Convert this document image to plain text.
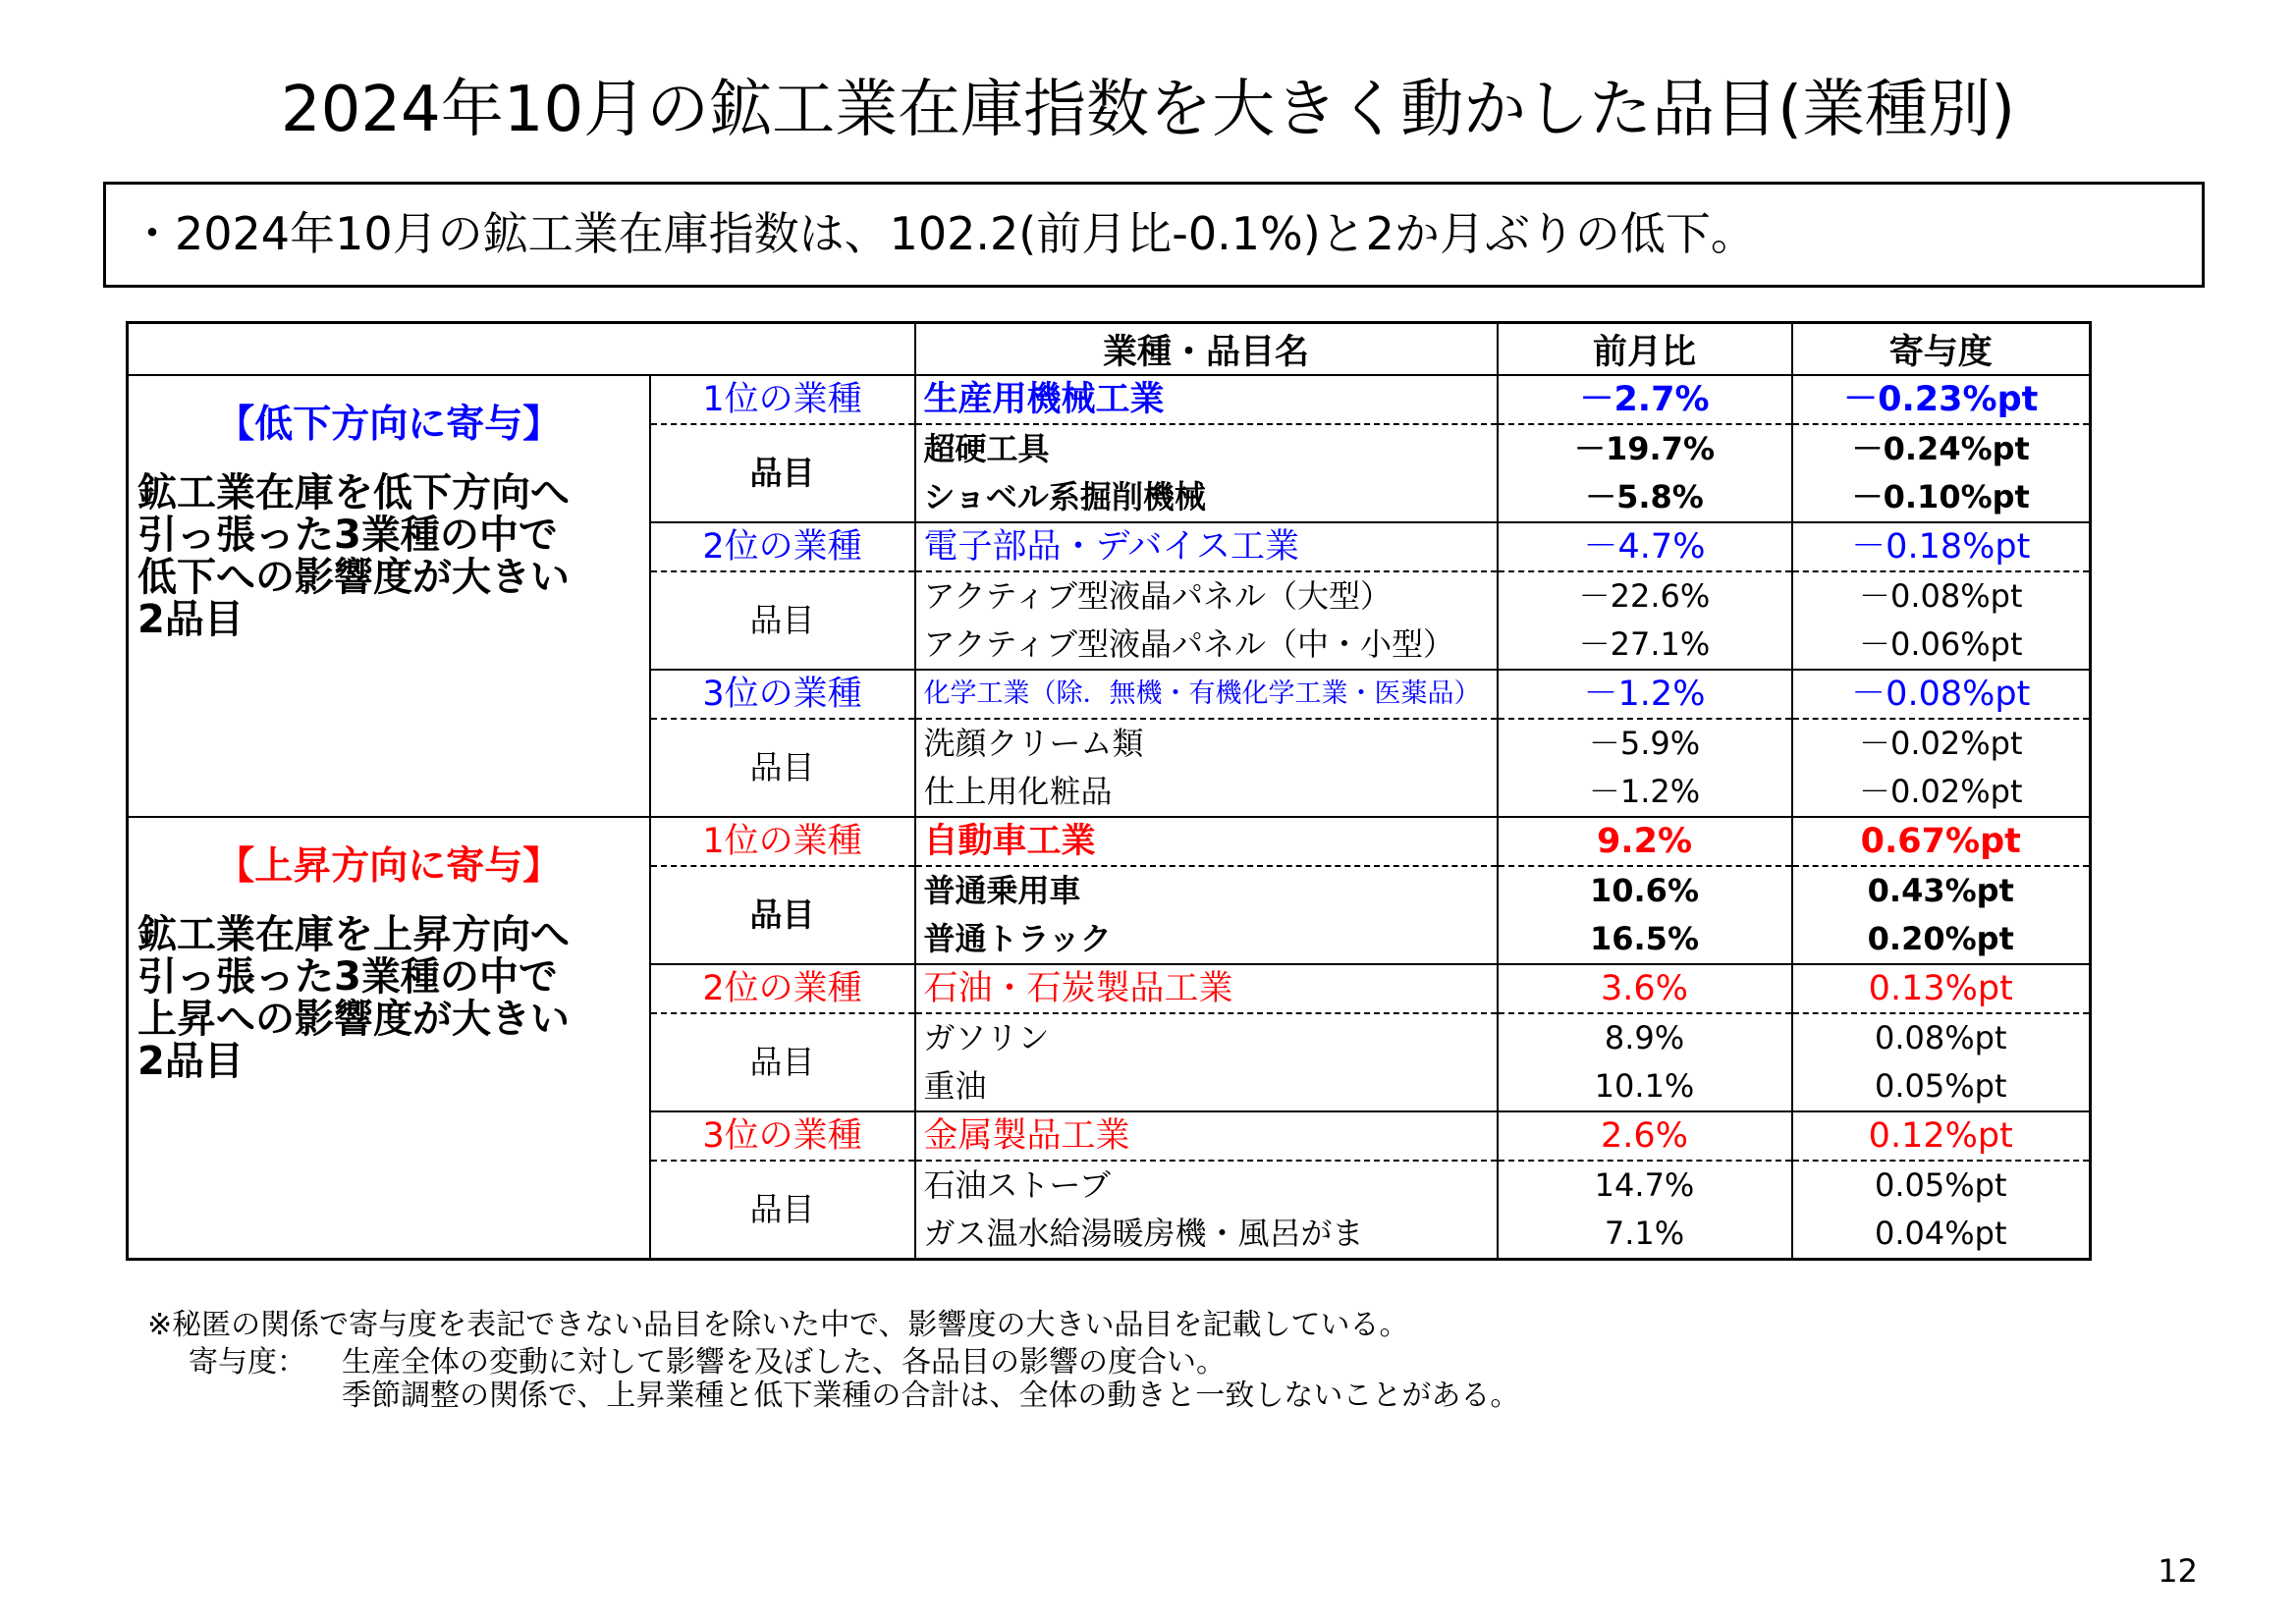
2024年10月の鉱工業在庫指数を大きく動かした品目(業種別)
・2024年10月の鉱工業在庫指数は、102.2(前月比-0.1%)と2か月ぶりの低下。
		業種・品目名	前月比	寄与度

【低下方向に寄与】
鉱工業在庫を低下方向へ
引っ張った3業種の中で
低下への影響度が大きい
2品目	1位の業種	生産用機械工業	－2.7%	－0.23%pt
	品目	超硬工具	－19.7%	－0.24%pt
		ショベル系掘削機械	－5.8%	－0.10%pt
	2位の業種	電子部品・デバイス工業	－4.7%	－0.18%pt
	品目	アクティブ型液晶パネル（大型）	－22.6%	－0.08%pt
		アクティブ型液晶パネル（中・小型）	－27.1%	－0.06%pt
	3位の業種	化学工業（除．無機・有機化学工業・医薬品）	－1.2%	－0.08%pt
	品目	洗顔クリーム類	－5.9%	－0.02%pt
		仕上用化粧品	－1.2%	－0.02%pt

【上昇方向に寄与】
鉱工業在庫を上昇方向へ
引っ張った3業種の中で
上昇への影響度が大きい
2品目	1位の業種	自動車工業	9.2%	0.67%pt
	品目	普通乗用車	10.6%	0.43%pt
		普通トラック	16.5%	0.20%pt
	2位の業種	石油・石炭製品工業	3.6%	0.13%pt
	品目	ガソリン	8.9%	0.08%pt
		重油	10.1%	0.05%pt
	3位の業種	金属製品工業	2.6%	0.12%pt
	品目	石油ストーブ	14.7%	0.05%pt
		ガス温水給湯暖房機・風呂がま	7.1%	0.04%pt
※秘匿の関係で寄与度を表記できない品目を除いた中で、影響度の大きい品目を記載している。
寄与度： 生産全体の変動に対して影響を及ぼした、各品目の影響の度合い。
季節調整の関係で、上昇業種と低下業種の合計は、全体の動きと一致しないことがある。
12
